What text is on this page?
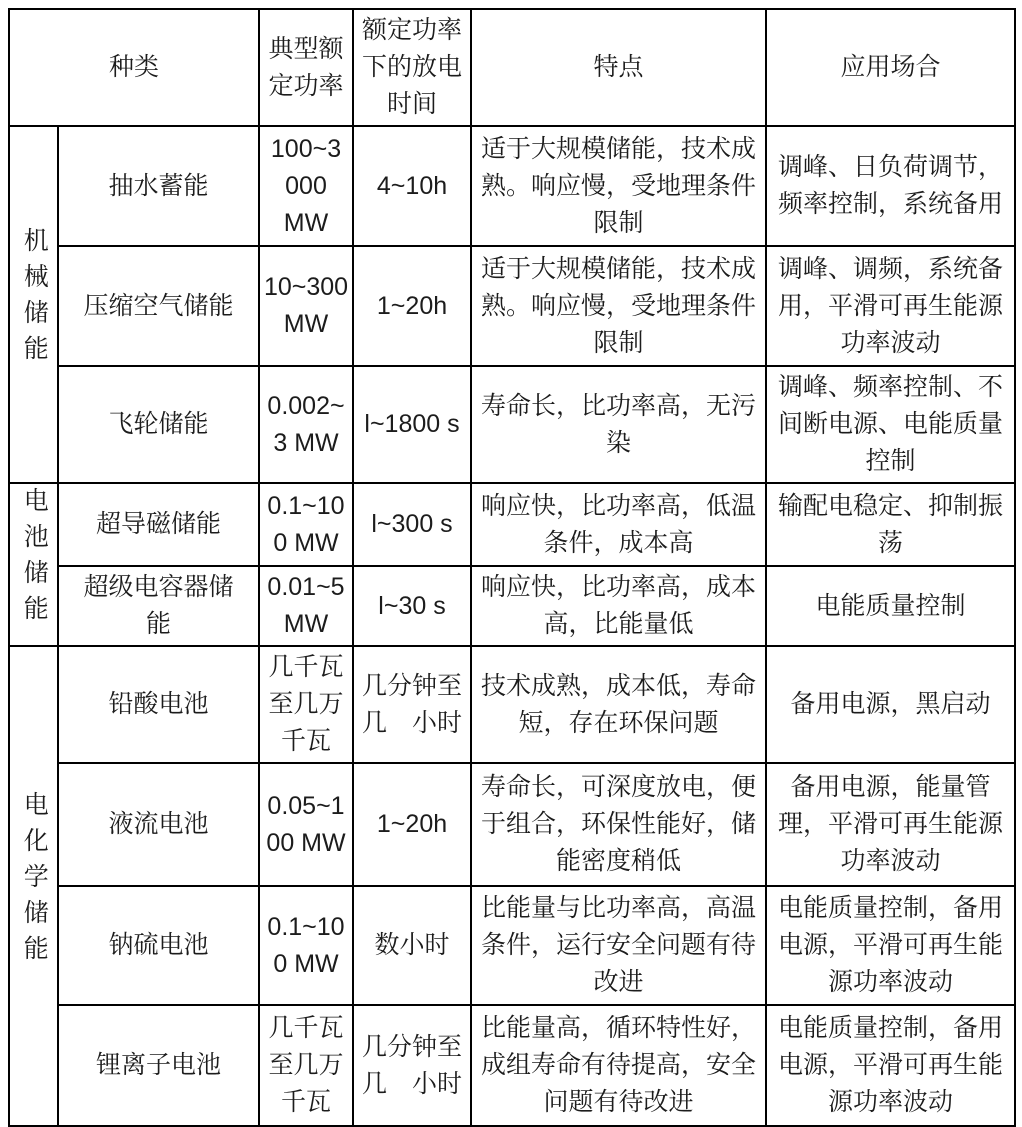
种类		典型额定功率	额定功率下的放电时间	特点	应用场合
机械储能	抽水蓄能	100~3 000 MW	4~10h	适于大规模储能，技术成熟。响应慢，受地理条件限制	调峰、日负荷调节，频率控制，系统备用
	压缩空气储能	10~300 MW	1~20h	适于大规模储能，技术成熟。响应慢，受地理条件限制	调峰、调频，系统备用，平滑可再生能源功率波动
	飞轮储能	0.002~3 MW	l~1800 s	寿命长，比功率高，无污染	调峰、频率控制、不间断电源、电能质量控制
电池储能	超导磁储能	0.1~100 MW	l~300 s	响应快，比功率高，低温条件，成本高	输配电稳定、抑制振荡
	超级电容器储能	0.01~5 MW	l~30 s	响应快，比功率高，成本高，比能量低	电能质量控制
电化学储能	铅酸电池	几千瓦至几万千瓦	几分钟至几　小时	技术成熟，成本低，寿命短，存在环保问题	备用电源，黑启动
	液流电池	0.05~100 MW	1~20h	寿命长，可深度放电，便于组合，环保性能好，储能密度稍低	备用电源，能量管理，平滑可再生能源功率波动
	钠硫电池	0.1~100 MW	数小时	比能量与比功率高，高温条件，运行安全问题有待改进	电能质量控制，备用电源，平滑可再生能源功率波动
	锂离子电池	几千瓦至几万千瓦	几分钟至几　小时	比能量高，循环特性好，成组寿命有待提高，安全问题有待改进	电能质量控制，备用电源，平滑可再生能源功率波动
